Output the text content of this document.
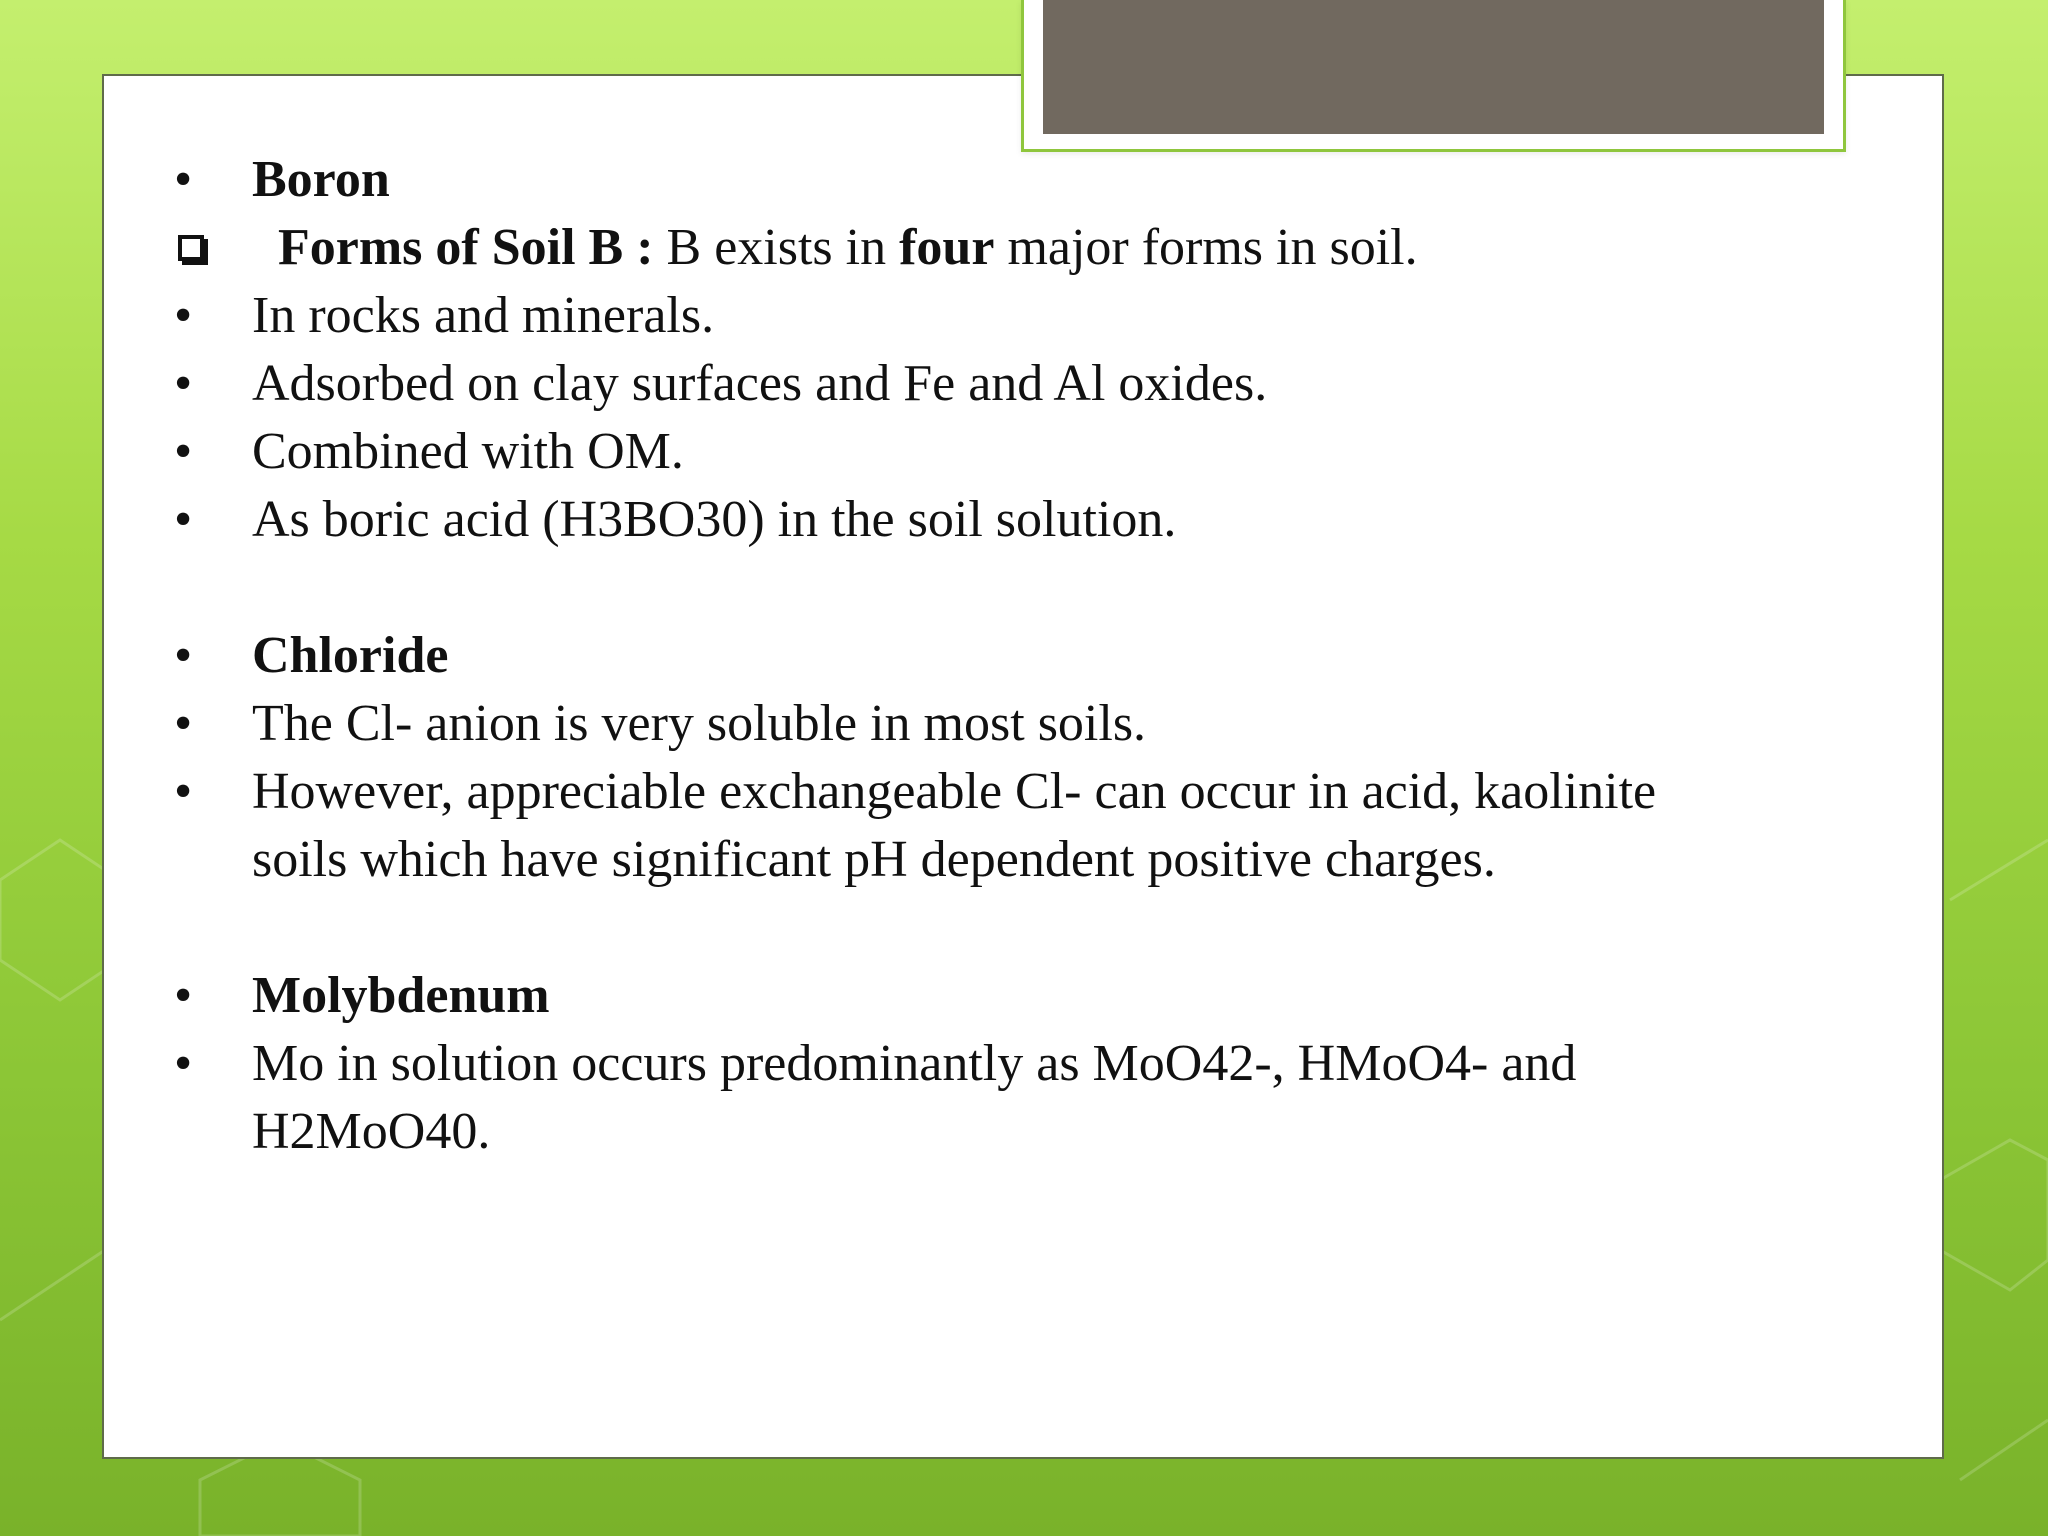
•	Boron
Forms of Soil B : B exists in four major forms in soil.
•	In rocks and minerals.
•	Adsorbed on clay surfaces and Fe and Al oxides.
•	Combined with OM.
•	As boric acid (H3BO30) in the soil solution.
•	Chloride
•	The Cl- anion is very soluble in most soils.
•	However, appreciable exchangeable Cl- can occur in acid, kaolinite
soils which have significant pH dependent positive charges.
•	Molybdenum
•	Mo in solution occurs predominantly as MoO42-, HMoO4- and
H2MoO40.
